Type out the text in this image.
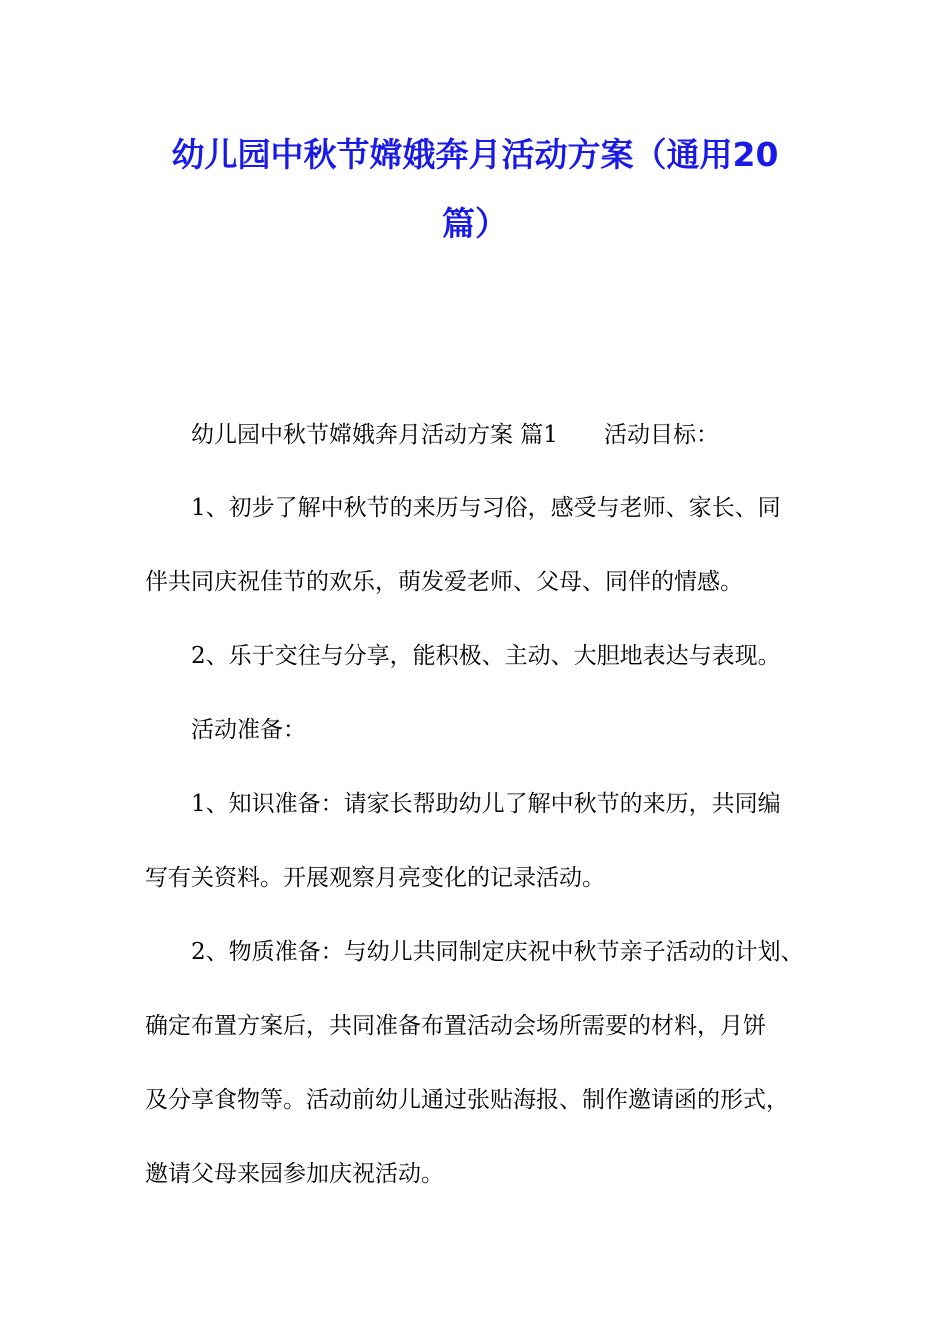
幼儿园中秋节嫦娥奔月活动方案（通用20
篇）
幼儿园中秋节嫦娥奔月活动方案 篇1　　活动目标：
1、初步了解中秋节的来历与习俗，感受与老师、家长、同
伴共同庆祝佳节的欢乐，萌发爱老师、父母、同伴的情感。
2、乐于交往与分享，能积极、主动、大胆地表达与表现。
活动准备：
1、知识准备：请家长帮助幼儿了解中秋节的来历，共同编
写有关资料。开展观察月亮变化的记录活动。
2、物质准备：与幼儿共同制定庆祝中秋节亲子活动的计划、
确定布置方案后，共同准备布置活动会场所需要的材料，月饼
及分享食物等。活动前幼儿通过张贴海报、制作邀请函的形式，
邀请父母来园参加庆祝活动。
